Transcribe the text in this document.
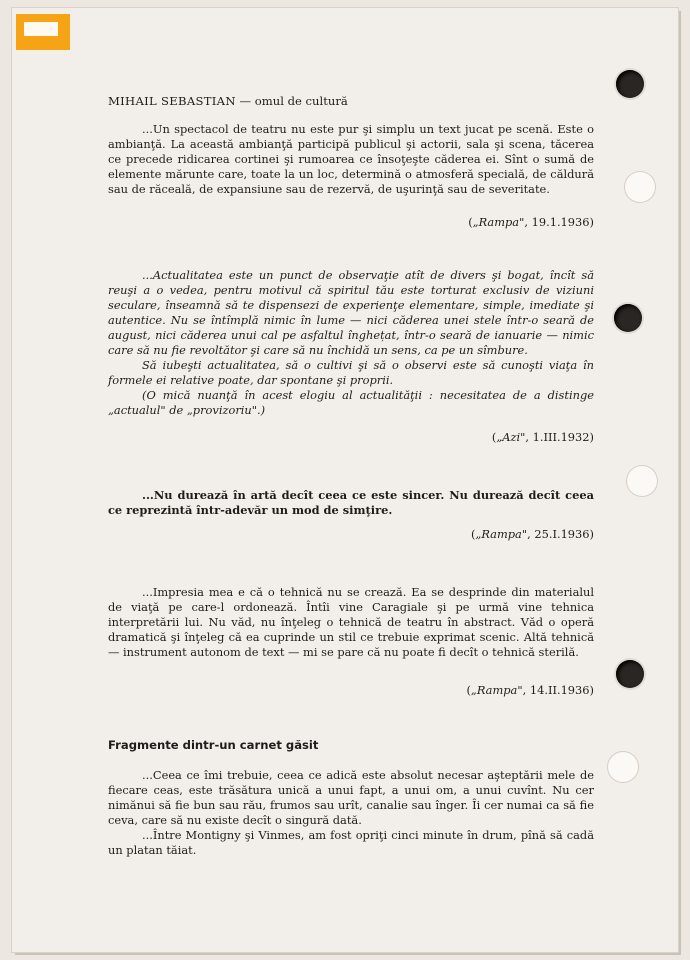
MIHAIL SEBASTIAN — omul de cultură

...Un spectacol de teatru nu este pur şi simplu un text jucat pe scenă. Este o ambianţă. La această ambianţă participă publicul şi actorii, sala şi scena, tăcerea ce precede ridicarea cortinei şi rumoarea ce însoţeşte căderea ei. Sînt o sumă de elemente mărunte care, toate la un loc, determină o atmosferă specială, de căldură sau de răceală, de expansiune sau de rezervă, de uşurinţă sau de severitate.

(„Rampa", 19.1.1936)

...Actualitatea este un punct de observaţie atît de divers şi bogat, încît să reuşi a o vedea, pentru motivul că spiritul tău este torturat exclusiv de viziuni seculare, înseamnă să te dispensezi de experienţe elementare, simple, imediate şi autentice. Nu se întîmplă nimic în lume — nici căderea unei stele într-o seară de august, nici căderea unui cal pe asfaltul înghețat, într-o seară de ianuarie — nimic care să nu fie revoltător şi care să nu închidă un sens, ca pe un sîmbure.

Să iubeşti actualitatea, să o cultivi şi să o observi este să cunoşti viaţa în formele ei relative poate, dar spontane şi proprii.

(O mică nuanţă în acest elogiu al actualităţii : necesitatea de a distinge „actualul" de „provizoriu".)

(„Azi", 1.III.1932)

...Nu durează în artă decît ceea ce este sincer. Nu durează decît ceea ce reprezintă într-adevăr un mod de simţire.

(„Rampa", 25.I.1936)

...Impresia mea e că o tehnică nu se crează. Ea se desprinde din materialul de viaţă pe care-l ordonează. Întîi vine Caragiale şi pe urmă vine tehnica interpretării lui. Nu văd, nu înţeleg o tehnică de teatru în abstract. Văd o operă dramatică şi înţeleg că ea cuprinde un stil ce trebuie exprimat scenic. Altă tehnică — instrument autonom de text — mi se pare că nu poate fi decît o tehnică sterilă.

(„Rampa", 14.II.1936)
Fragmente dintr-un carnet găsit

...Ceea ce îmi trebuie, ceea ce adică este absolut necesar aşteptării mele de fiecare ceas, este trăsătura unică a unui fapt, a unui om, a unui cuvînt. Nu cer nimănui să fie bun sau rău, frumos sau urît, canalie sau înger. Îi cer numai ca să fie ceva, care să nu existe decît o singură dată.

...Între Montigny şi Vinmes, am fost opriţi cinci minute în drum, pînă să cadă un platan tăiat.
